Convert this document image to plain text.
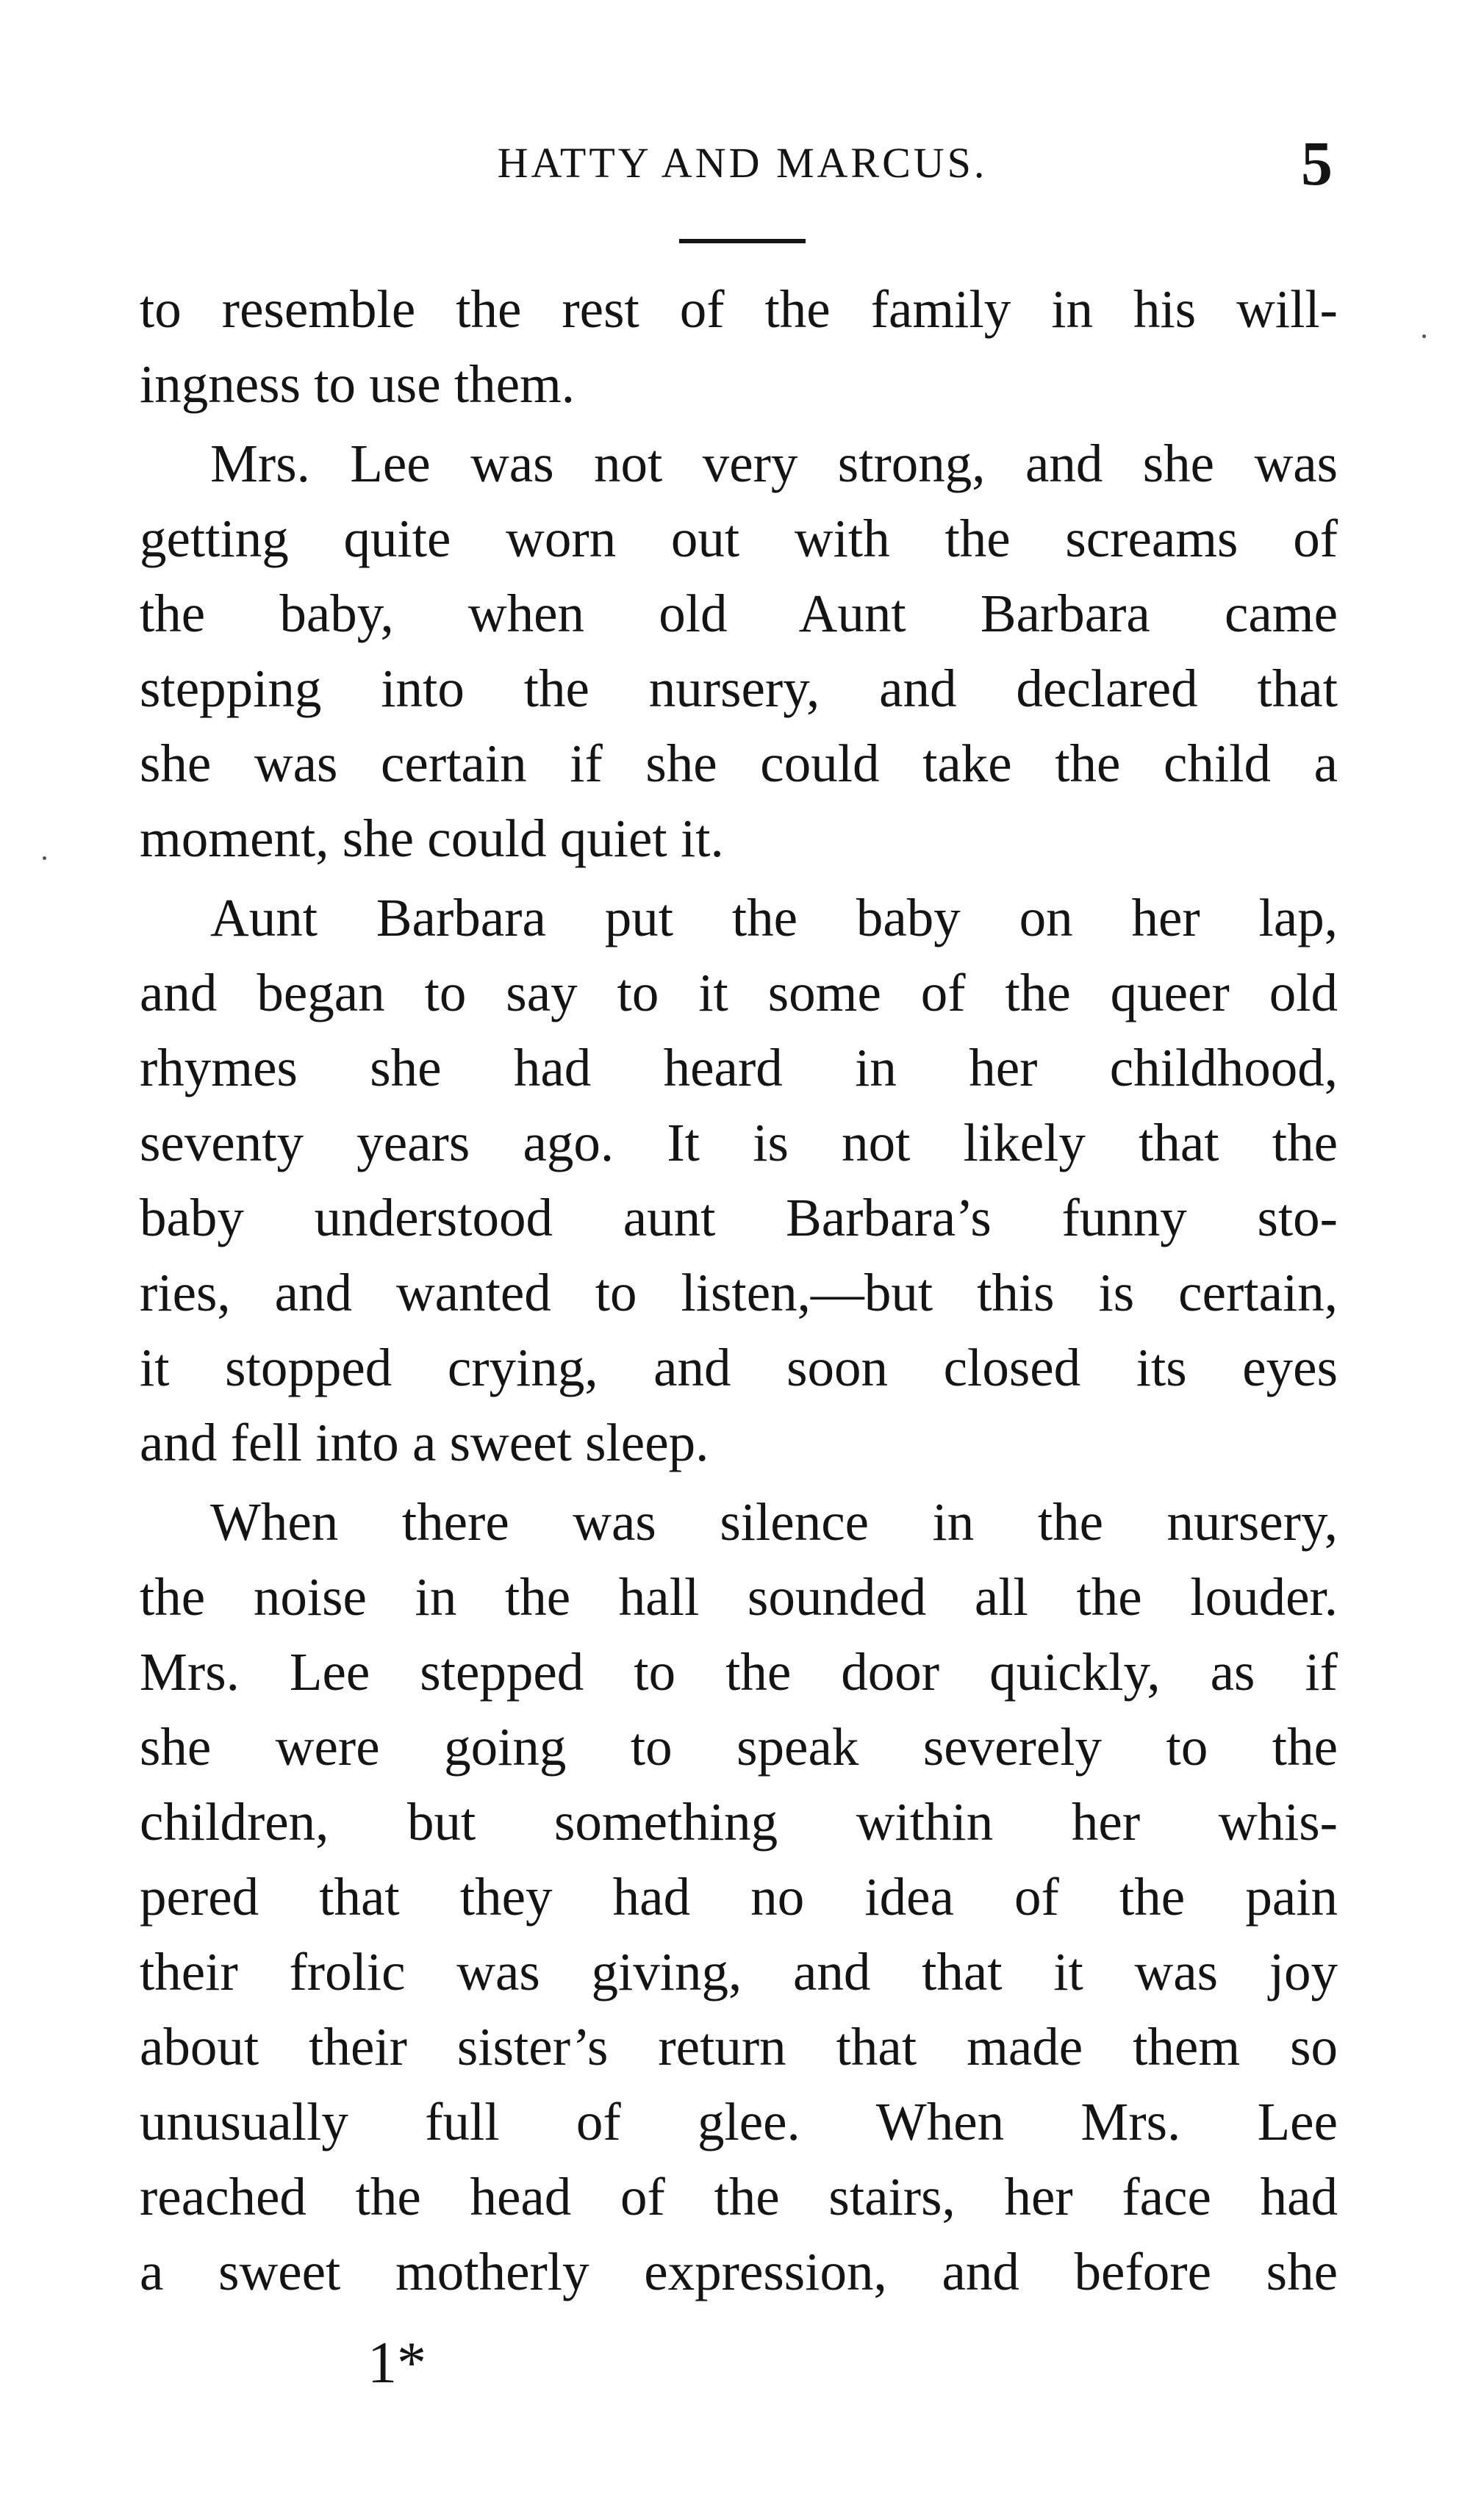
HATTY AND MARCUS.	5
to resemble the rest of the family in his will-
ingness to use them.
Mrs. Lee was not very strong, and she was
getting quite worn out with the screams of
the baby, when old Aunt Barbara came
stepping into the nursery, and declared that
she was certain if she could take the child a
moment, she could quiet it.
Aunt Barbara put the baby on her lap,
and began to say to it some of the queer old
rhymes she had heard in her childhood,
seventy years ago. It is not likely that the
baby understood aunt Barbara’s funny sto-
ries, and wanted to listen,—but this is certain,
it stopped crying, and soon closed its eyes
and fell into a sweet sleep.
When there was silence in the nursery,
the noise in the hall sounded all the louder.
Mrs. Lee stepped to the door quickly, as if
she were going to speak severely to the
children, but something within her whis-
pered that they had no idea of the pain
their frolic was giving, and that it was joy
about their sister’s return that made them so
unusually full of glee. When Mrs. Lee
reached the head of the stairs, her face had
a sweet motherly expression, and before she
1*
